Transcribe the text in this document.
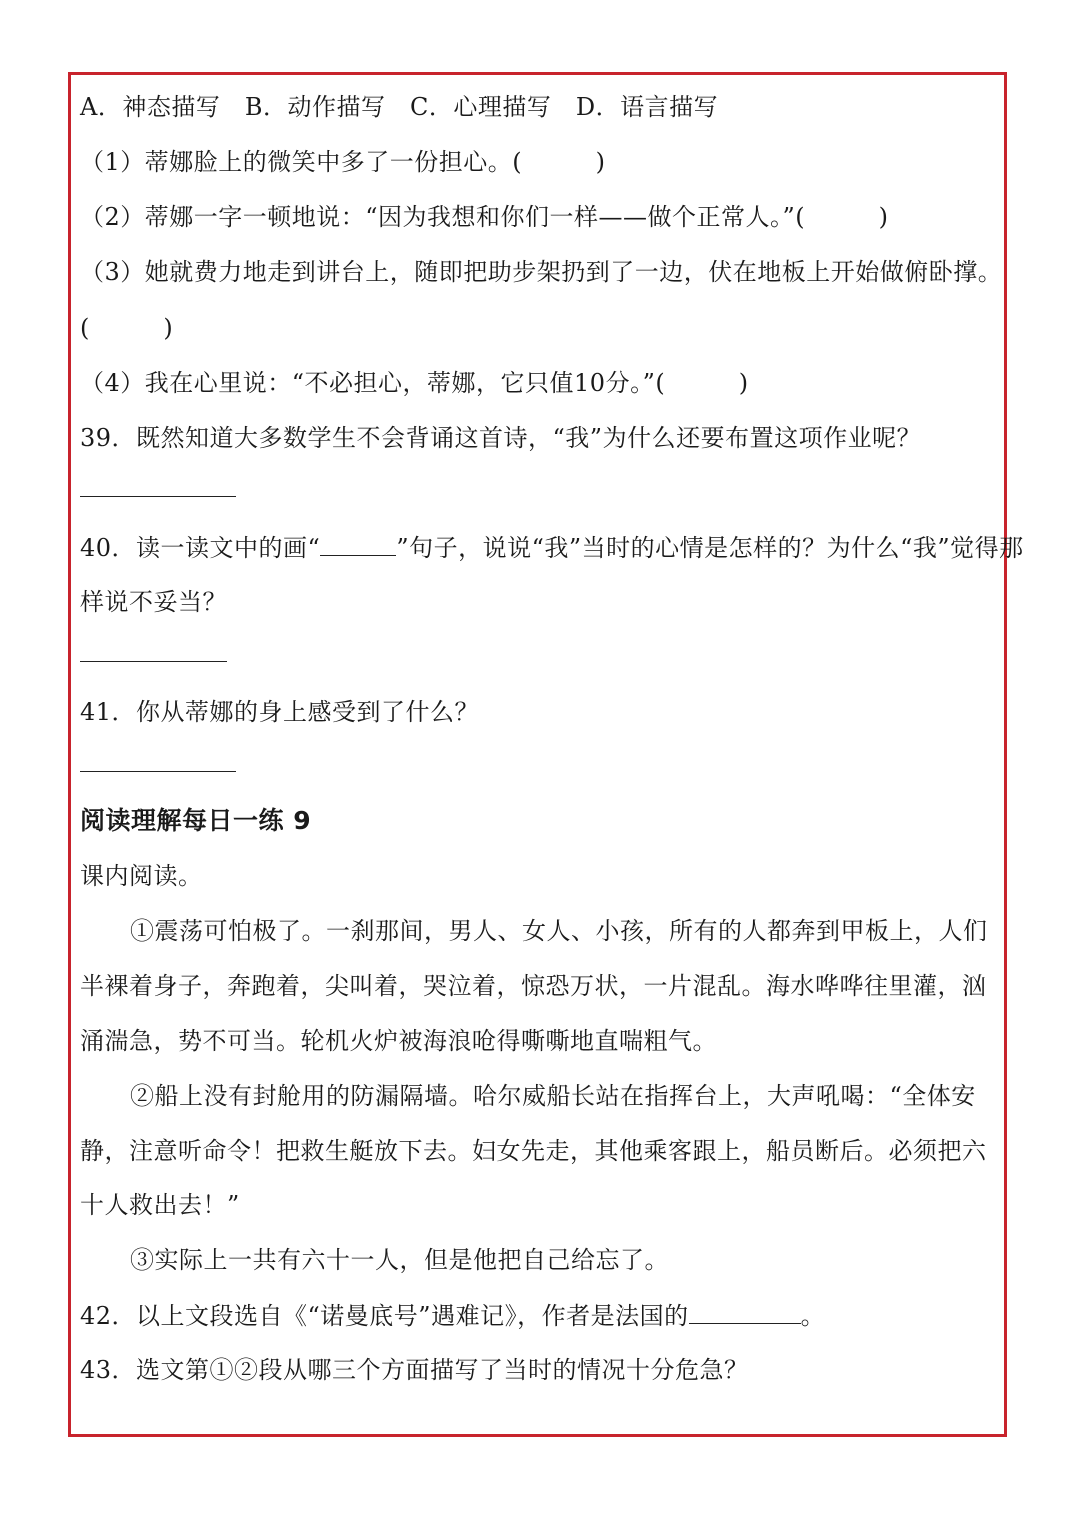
A．神态描写　B．动作描写　C．心理描写　D．语言描写
（1）蒂娜脸上的微笑中多了一份担心。(　　　)
（2）蒂娜一字一顿地说：“因为我想和你们一样——做个正常人。”(　　　)
（3）她就费力地走到讲台上，随即把助步架扔到了一边，伏在地板上开始做俯卧撑。
(　　　)
（4）我在心里说：“不必担心，蒂娜，它只值10分。”(　　　)
39．既然知道大多数学生不会背诵这首诗，“我”为什么还要布置这项作业呢？
40．读一读文中的画“	”句子，说说“我”当时的心情是怎样的？为什么“我”觉得那
样说不妥当？
41．你从蒂娜的身上感受到了什么？
阅读理解每日一练 9
课内阅读。
①震荡可怕极了。一刹那间，男人、女人、小孩，所有的人都奔到甲板上，人们
半裸着身子，奔跑着，尖叫着，哭泣着，惊恐万状，一片混乱。海水哗哗往里灌，汹
涌湍急，势不可当。轮机火炉被海浪呛得嘶嘶地直喘粗气。
②船上没有封舱用的防漏隔墙。哈尔威船长站在指挥台上，大声吼喝：“全体安
静，注意听命令！把救生艇放下去。妇女先走，其他乘客跟上，船员断后。必须把六
十人救出去！”
③实际上一共有六十一人，但是他把自己给忘了。
42．以上文段选自《“诺曼底号”遇难记》，作者是法国的	。
43．选文第①②段从哪三个方面描写了当时的情况十分危急？
